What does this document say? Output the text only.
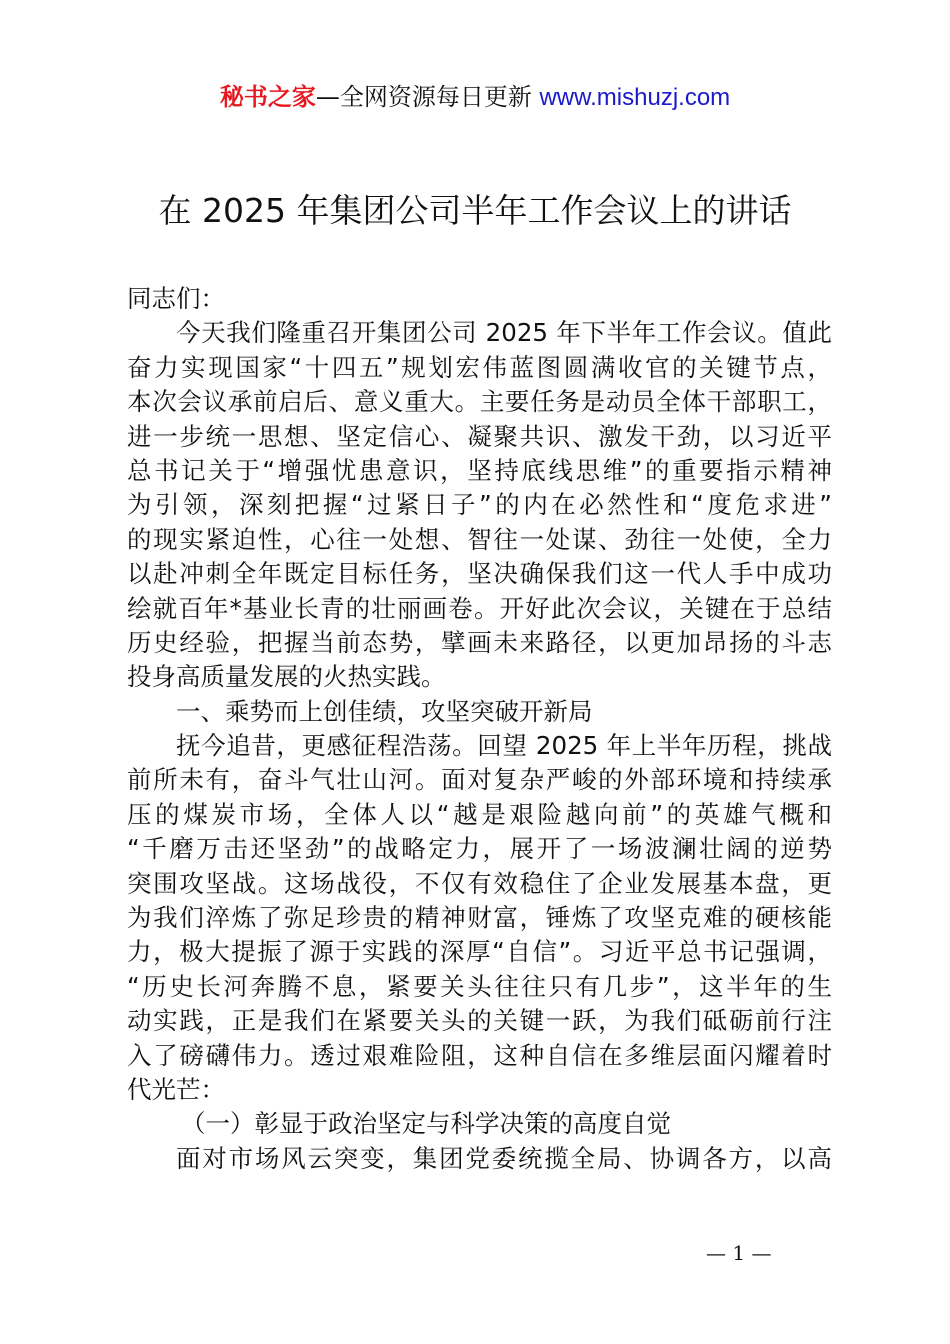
秘书之家—全网资源每日更新 www.mishuzj.com
在 2025 年集团公司半年工作会议上的讲话
同志们：
今天我们隆重召开集团公司 2025 年下半年工作会议。值此
奋力实现国家“十四五”规划宏伟蓝图圆满收官的关键节点，
本次会议承前启后、意义重大。主要任务是动员全体干部职工，
进一步统一思想、坚定信心、凝聚共识、激发干劲，以习近平
总书记关于“增强忧患意识，坚持底线思维”的重要指示精神
为引领，深刻把握“过紧日子”的内在必然性和“度危求进”
的现实紧迫性，心往一处想、智往一处谋、劲往一处使，全力
以赴冲刺全年既定目标任务，坚决确保我们这一代人手中成功
绘就百年*基业长青的壮丽画卷。开好此次会议，关键在于总结
历史经验，把握当前态势，擘画未来路径，以更加昂扬的斗志
投身高质量发展的火热实践。
一、乘势而上创佳绩，攻坚突破开新局
抚今追昔，更感征程浩荡。回望 2025 年上半年历程，挑战
前所未有，奋斗气壮山河。面对复杂严峻的外部环境和持续承
压的煤炭市场，全体人以“越是艰险越向前”的英雄气概和
“千磨万击还坚劲”的战略定力，展开了一场波澜壮阔的逆势
突围攻坚战。这场战役，不仅有效稳住了企业发展基本盘，更
为我们淬炼了弥足珍贵的精神财富，锤炼了攻坚克难的硬核能
力，极大提振了源于实践的深厚“自信”。习近平总书记强调，
“历史长河奔腾不息，紧要关头往往只有几步”，这半年的生
动实践，正是我们在紧要关头的关键一跃，为我们砥砺前行注
入了磅礴伟力。透过艰难险阻，这种自信在多维层面闪耀着时
代光芒：
（一）彰显于政治坚定与科学决策的高度自觉
面对市场风云突变，集团党委统揽全局、协调各方，以高
— 1 —
